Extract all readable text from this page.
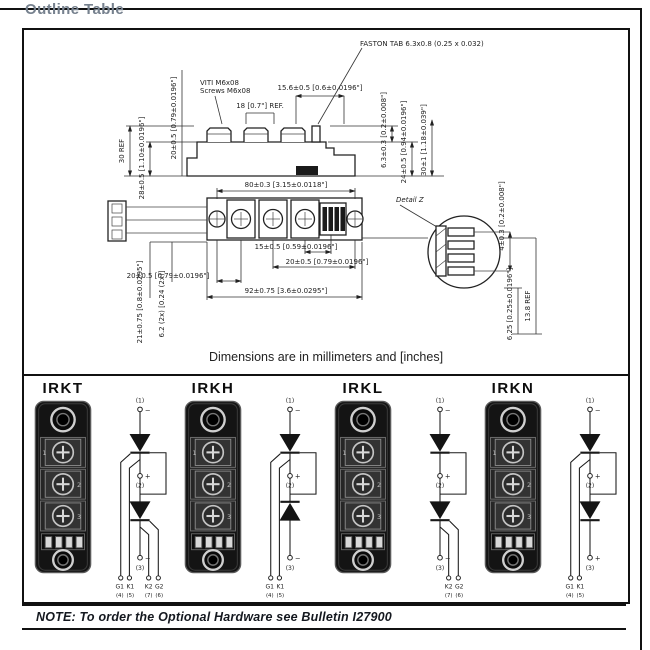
Outline Table
30 REF 28±0.5 [1.10±0.0196"]	20±0.5 [0.79±0.0196"]	VITI M6x08
Screws M6x08
18 [0.7"] REF.
15.6±0.5 [0.6±0.0196"]
FASTON TAB 6.3x0.8 (0.25 x 0.032)
6.3±0.3 [0.2±0.008"] 24±0.5 [0.94±0.0196"] 30±1 [1.18±0.039"]
80±0.3 [3.15±0.0118"]
15±0.5 [0.59±0.0196"]
20±0.5 [0.79±0.0196"]
20±0.5 [0.79±0.0196"]
92±0.75 [3.6±0.0295"]
21±0.75 [0.8±0.0295"] 6.2 (2x) [0.24 (2x)]
Detail Z	4±0.3 [0.2±0.008"]
6.25 [0.25±0.0196"] 13.8 REF
Dimensions are in millimeters and [inches]
IRKT
(1)
−
+
(2)
−
(3)
G1 K1
(4) (5)
K2 G2
(7) (6)
IRKH
(1)
−
+
(2)
−
(3)
G1 K1
(4) (5)
IRKL
(1)
−
+
(2)
−
(3)
K2 G2
(7) (6)
IRKN
(1)
−
+
(2)
+
(3)
G1 K1
(4) (5)
NOTE: To order the Optional Hardware see Bulletin I27900
